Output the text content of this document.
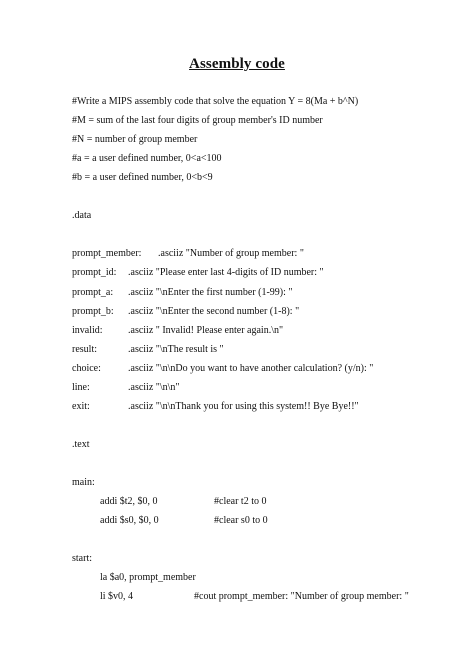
Assembly code
#Write a MIPS assembly code that solve the equation Y = 8(Ma + b^N)
#M = sum of the last four digits of group member's ID number
#N = number of group member
#a = a user defined number, 0<a<100
#b = a user defined number, 0<b<9
.data
prompt_member: .asciiz "Number of group member: "
prompt_id: .asciiz "Please enter last 4-digits of ID number: "
prompt_a: .asciiz "\nEnter the first number (1-99): "
prompt_b: .asciiz "\nEnter the second number (1-8): "
invalid:	.asciiz " Invalid! Please enter again.\n"
result:	.asciiz "\nThe result is "
choice:	.asciiz "\n\nDo you want to have another calculation? (y/n): "
line:	.asciiz "\n\n"
exit:	.asciiz "\n\nThank you for using this system!! Bye Bye!!"
.text
main:
addi $t2, $0, 0	#clear t2 to 0
addi $s0, $0, 0	#clear s0 to 0
start:
la $a0, prompt_member
li $v0, 4	#cout prompt_member: "Number of group member: "
